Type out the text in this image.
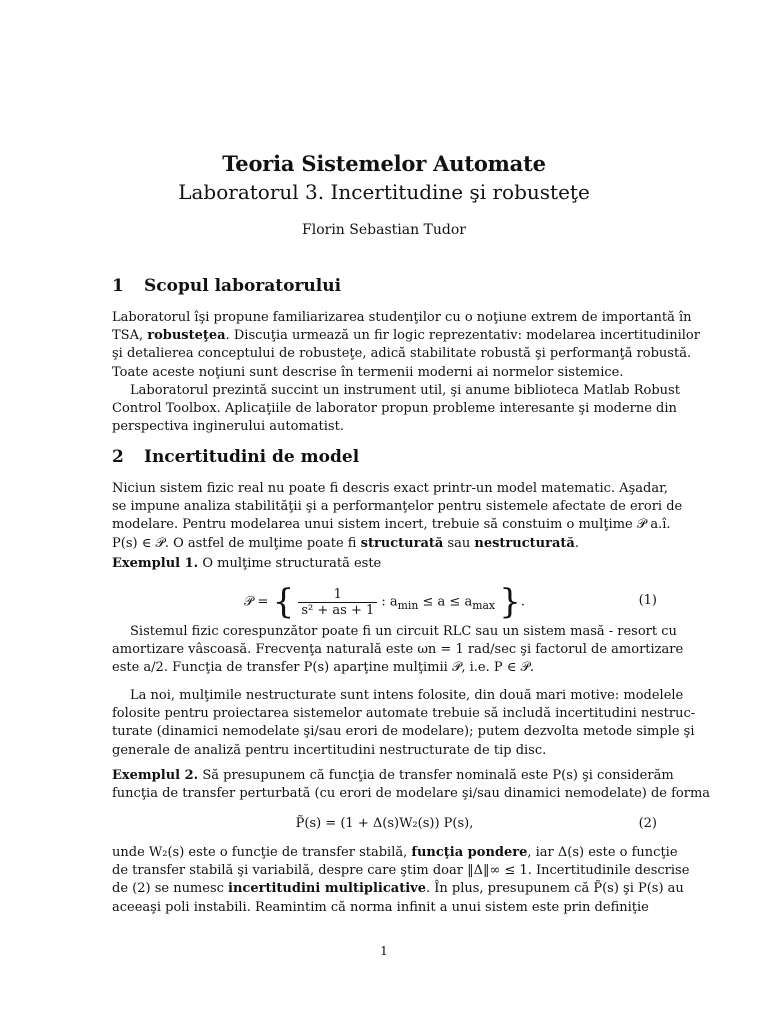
Teoria Sistemelor Automate
Laboratorul 3. Incertitudine şi robusteţe
Florin Sebastian Tudor
1 Scopul laboratorului
Laboratorul îşi propune familiarizarea studenţilor cu o noţiune extrem de importantă în
TSA, robusteţea. Discuţia urmează un fir logic reprezentativ: modelarea incertitudinilor
şi detalierea conceptului de robusteţe, adică stabilitate robustă şi performanţă robustă.
Toate aceste noţiuni sunt descrise în termenii moderni ai normelor sistemice.
Laboratorul prezintă succint un instrument util, şi anume biblioteca Matlab Robust
Control Toolbox. Aplicaţiile de laborator propun probleme interesante şi moderne din
perspectiva inginerului automatist.
2 Incertitudini de model
Niciun sistem fizic real nu poate fi descris exact printr-un model matematic. Aşadar,
se impune analiza stabilităţii şi a performanţelor pentru sistemele afectate de erori de
modelare. Pentru modelarea unui sistem incert, trebuie să constuim o mulţime 𝒫 a.î.
P(s) ∈ 𝒫. O astfel de mulţime poate fi structurată sau nestructurată.
Exemplul 1. O mulţime structurată este
𝒫 = { $\frac{1}{\text{s² + as + 1}}$ : $a_{min} \le a \le a_{max}$ }.	(1)
Sistemul fizic corespunzător poate fi un circuit RLC sau un sistem masă - resort cu
amortizare vâscoasă. Frecvenţa naturală este ωn = 1 rad/sec şi factorul de amortizare
este a/2. Funcţia de transfer P(s) aparţine mulţimii 𝒫, i.e. P ∈ 𝒫.
La noi, mulţimile nestructurate sunt intens folosite, din două mari motive: modelele
folosite pentru proiectarea sistemelor automate trebuie să includă incertitudini nestruc-
turate (dinamici nemodelate şi/sau erori de modelare); putem dezvolta metode simple şi
generale de analiză pentru incertitudini nestructurate de tip disc.
Exemplul 2. Să presupunem că funcţia de transfer nominală este P(s) şi considerăm
funcţia de transfer perturbată (cu erori de modelare şi/sau dinamici nemodelate) de forma
P̃(s) = (1 + Δ(s)W₂(s)) P(s),	(2)
unde W₂(s) este o funcţie de transfer stabilă, funcţia pondere, iar Δ(s) este o funcţie
de transfer stabilă şi variabilă, despre care ştim doar ‖Δ‖∞ ≤ 1. Incertitudinile descrise
de (2) se numesc incertitudini multiplicative. În plus, presupunem că P̃(s) şi P(s) au
aceeaşi poli instabili. Reamintim că norma infinit a unui sistem este prin definiţie
1
